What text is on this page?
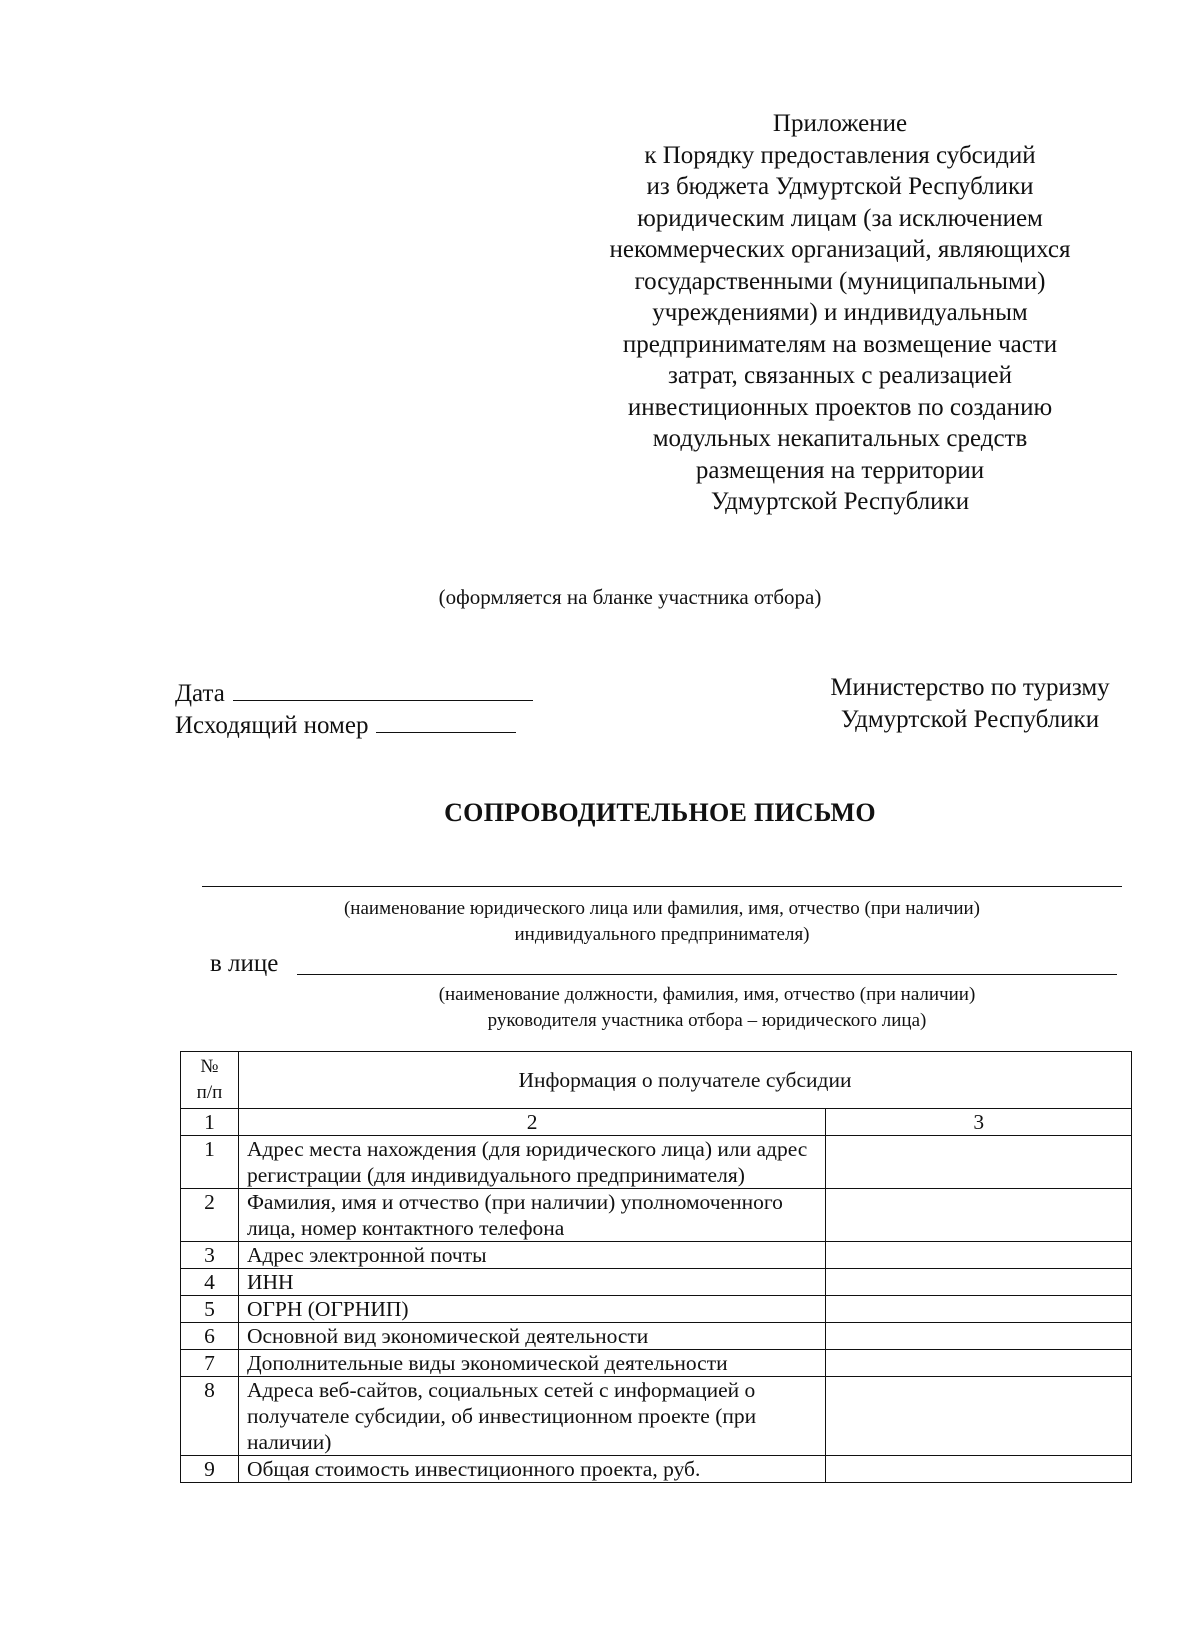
Приложение
к Порядку предоставления субсидий
из бюджета Удмуртской Республики
юридическим лицам (за исключением
некоммерческих организаций, являющихся
государственными (муниципальными)
учреждениями) и индивидуальным
предпринимателям на возмещение части
затрат, связанных с реализацией
инвестиционных проектов по созданию
модульных некапитальных средств
размещения на территории
Удмуртской Республики
(оформляется на бланке участника отбора)
Дата
Исходящий номер
Министерство по туризму
Удмуртской Республики
СОПРОВОДИТЕЛЬНОЕ ПИСЬМО
(наименование юридического лица или фамилия, имя, отчество (при наличии)
индивидуального предпринимателя)
в лице
(наименование должности, фамилия, имя, отчество (при наличии)
руководителя участника отбора – юридического лица)
№
п/п	Информация о получателе субсидии	
1	2	3
1	Адрес места нахождения (для юридического лица) или адрес регистрации (для индивидуального предпринимателя)	
2	Фамилия, имя и отчество (при наличии) уполномоченного лица, номер контактного телефона	
3	Адрес электронной почты	
4	ИНН	
5	ОГРН (ОГРНИП)	
6	Основной вид экономической деятельности	
7	Дополнительные виды экономической деятельности	
8	Адреса веб-сайтов, социальных сетей с информацией о получателе субсидии, об инвестиционном проекте (при наличии)	
9	Общая стоимость инвестиционного проекта, руб.	
